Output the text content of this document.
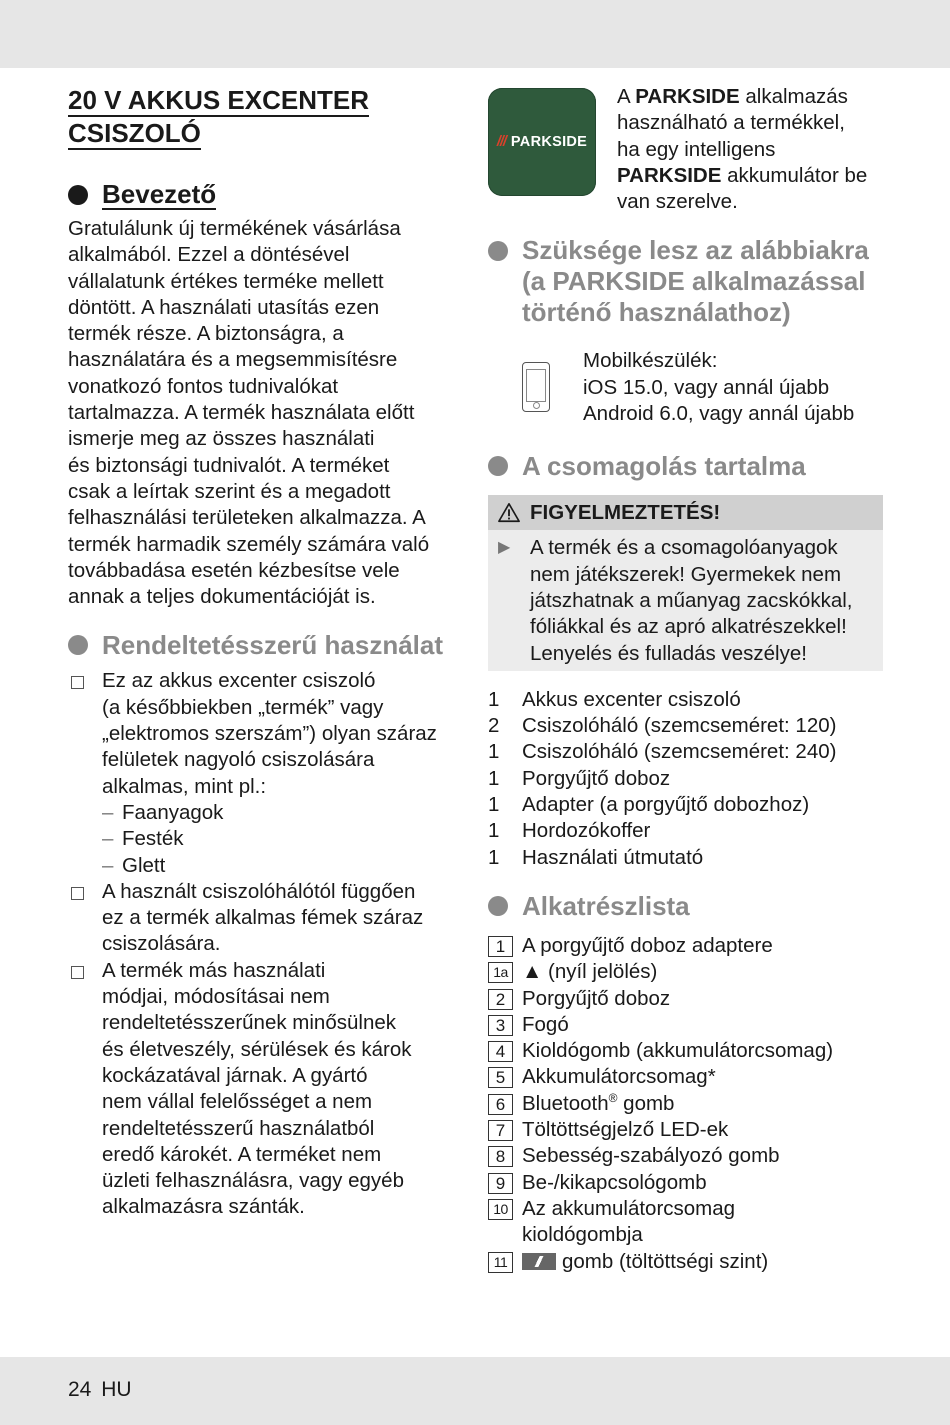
20 V AKKUS EXCENTER
CSISZOLÓ
Bevezető
Gratulálunk új termékének vásárlása
alkalmából. Ezzel a döntésével
vállalatunk értékes terméke mellett
döntött. A használati utasítás ezen
termék része. A biztonságra, a
használatára és a megsemmisítésre
vonatkozó fontos tudnivalókat
tartalmazza. A termék használata előtt
ismerje meg az összes használati
és biztonsági tudnivalót. A terméket
csak a leírtak szerint és a megadott
felhasználási területeken alkalmazza. A
termék harmadik személy számára való
továbbadása esetén kézbesítse vele
annak a teljes dokumentációját is.
Rendeltetésszerű használat
Ez az akkus excenter csiszoló
(a későbbiekben „termék” vagy
„elektromos szerszám”) olyan száraz
felületek nagyoló csiszolására
alkalmas, mint pl.:
– Faanyagok
– Festék
– Glett
A használt csiszolóhálótól függően
ez a termék alkalmas fémek száraz
csiszolására.
A termék más használati
módjai, módosításai nem
rendeltetésszerűnek minősülnek
és életveszély, sérülések és károk
kockázatával járnak. A gyártó
nem vállal felelősséget a nem
rendeltetésszerű használatból
eredő károkét. A terméket nem
üzleti felhasználásra, vagy egyéb
alkalmazásra szánták.
/// PARKSIDE
A PARKSIDE alkalmazás
használható a termékkel,
ha egy intelligens
PARKSIDE akkumulátor be
van szerelve.
Szüksége lesz az alábbiakra
(a PARKSIDE alkalmazással
történő használathoz)
Mobilkészülék:
iOS 15.0, vagy annál újabb
Android 6.0, vagy annál újabb
A csomagolás tartalma
FIGYELMEZTETÉS!
▶ A termék és a csomagolóanyagok
nem játékszerek! Gyermekek nem
játszhatnak a műanyag zacskókkal,
fóliákkal és az apró alkatrészekkel!
Lenyelés és fulladás veszélye!
1	Akkus excenter csiszoló
2	Csiszolóháló (szemcseméret: 120)
1	Csiszolóháló (szemcseméret: 240)
1	Porgyűjtő doboz
1	Adapter (a porgyűjtő dobozhoz)
1	Hordozókoffer
1	Használati útmutató
Alkatrészlista
1 A porgyűjtő doboz adaptere
1a ▲ (nyíl jelölés)
2 Porgyűjtő doboz
3 Fogó
4 Kioldógomb (akkumulátorcsomag)
5 Akkumulátorcsomag*
6 Bluetooth® gomb
7 Töltöttségjelző LED-ek
8 Sebesség-szabályozó gomb
9 Be-/kikapcsológomb
10 Az akkumulátorcsomag
kioldógombja
11	gomb (töltöttségi szint)
24 HU
